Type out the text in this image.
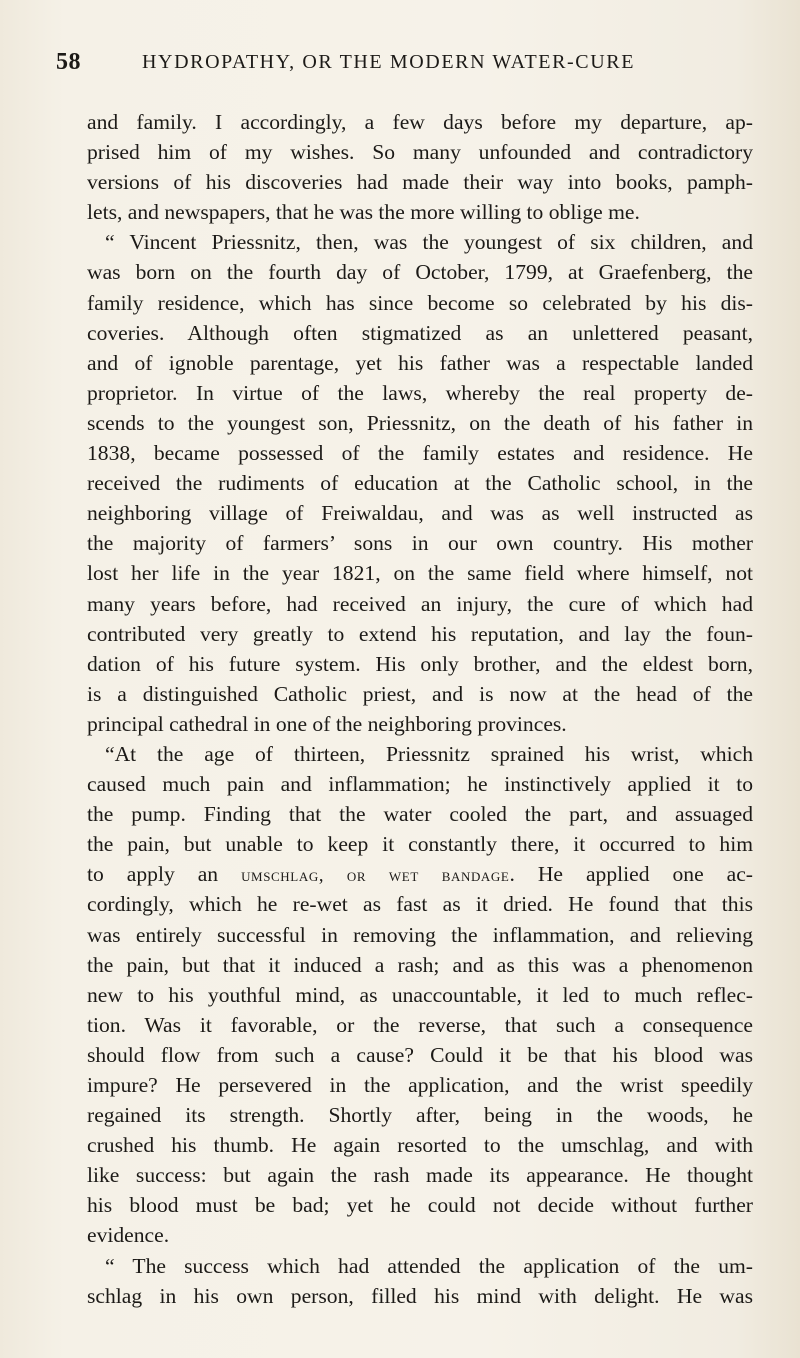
58	HYDROPATHY, OR THE MODERN WATER-CURE
and family. I accordingly, a few days before my departure, ap-
prised him of my wishes. So many unfounded and contradictory
versions of his discoveries had made their way into books, pamph-
lets, and newspapers, that he was the more willing to oblige me.
“ Vincent Priessnitz, then, was the youngest of six children, and
was born on the fourth day of October, 1799, at Graefenberg, the
family residence, which has since become so celebrated by his dis-
coveries. Although often stigmatized as an unlettered peasant,
and of ignoble parentage, yet his father was a respectable landed
proprietor. In virtue of the laws, whereby the real property de-
scends to the youngest son, Priessnitz, on the death of his father in
1838, became possessed of the family estates and residence. He
received the rudiments of education at the Catholic school, in the
neighboring village of Freiwaldau, and was as well instructed as
the majority of farmers’ sons in our own country. His mother
lost her life in the year 1821, on the same field where himself, not
many years before, had received an injury, the cure of which had
contributed very greatly to extend his reputation, and lay the foun-
dation of his future system. His only brother, and the eldest born,
is a distinguished Catholic priest, and is now at the head of the
principal cathedral in one of the neighboring provinces.
“At the age of thirteen, Priessnitz sprained his wrist, which
caused much pain and inflammation; he instinctively applied it to
the pump. Finding that the water cooled the part, and assuaged
the pain, but unable to keep it constantly there, it occurred to him
to apply an umschlag, or wet bandage. He applied one ac-
cordingly, which he re-wet as fast as it dried. He found that this
was entirely successful in removing the inflammation, and relieving
the pain, but that it induced a rash; and as this was a phenomenon
new to his youthful mind, as unaccountable, it led to much reflec-
tion. Was it favorable, or the reverse, that such a consequence
should flow from such a cause? Could it be that his blood was
impure? He persevered in the application, and the wrist speedily
regained its strength. Shortly after, being in the woods, he
crushed his thumb. He again resorted to the umschlag, and with
like success: but again the rash made its appearance. He thought
his blood must be bad; yet he could not decide without further
evidence.
“ The success which had attended the application of the um-
schlag in his own person, filled his mind with delight. He was
